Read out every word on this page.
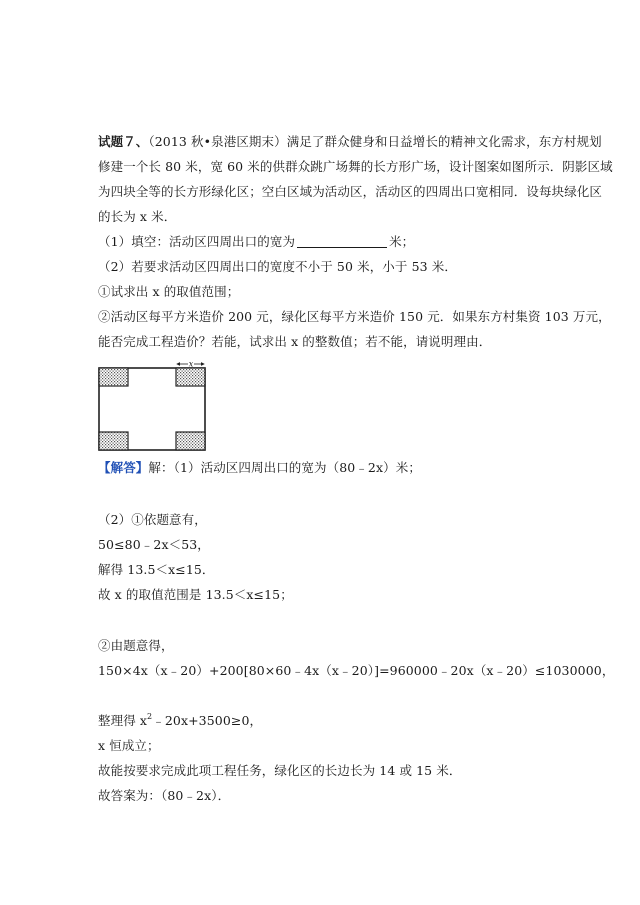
试题７、（2013 秋•泉港区期末）满足了群众健身和日益增长的精神文化需求，东方村规划
修建一个长 80 米，宽 60 米的供群众跳广场舞的长方形广场，设计图案如图所示．阴影区域
为四块全等的长方形绿化区；空白区域为活动区，活动区的四周出口宽相同．设每块绿化区
的长为 x 米．
（1）填空：活动区四周出口的宽为	米；
（2）若要求活动区四周出口的宽度不小于 50 米，小于 53 米．
①试求出 x 的取值范围；
②活动区每平方米造价 200 元，绿化区每平方米造价 150 元．如果东方村集资 103 万元，
能否完成工程造价？若能，试求出 x 的整数值；若不能，请说明理由．
x
【解答】解：（1）活动区四周出口的宽为（80﹣2x）米；
（2）①依题意有，
50≤80﹣2x＜53，
解得 13.5＜x≤15．
故 x 的取值范围是 13.5＜x≤15；
②由题意得，
150×4x（x﹣20）+200[80×60﹣4x（x﹣20）]=960000﹣20x（x﹣20）≤1030000，
整理得 $x^2﹣20x+3500\ge 0$，
x 恒成立；
故能按要求完成此项工程任务，绿化区的长边长为 14 或 15 米．
故答案为：（80﹣2x）．
